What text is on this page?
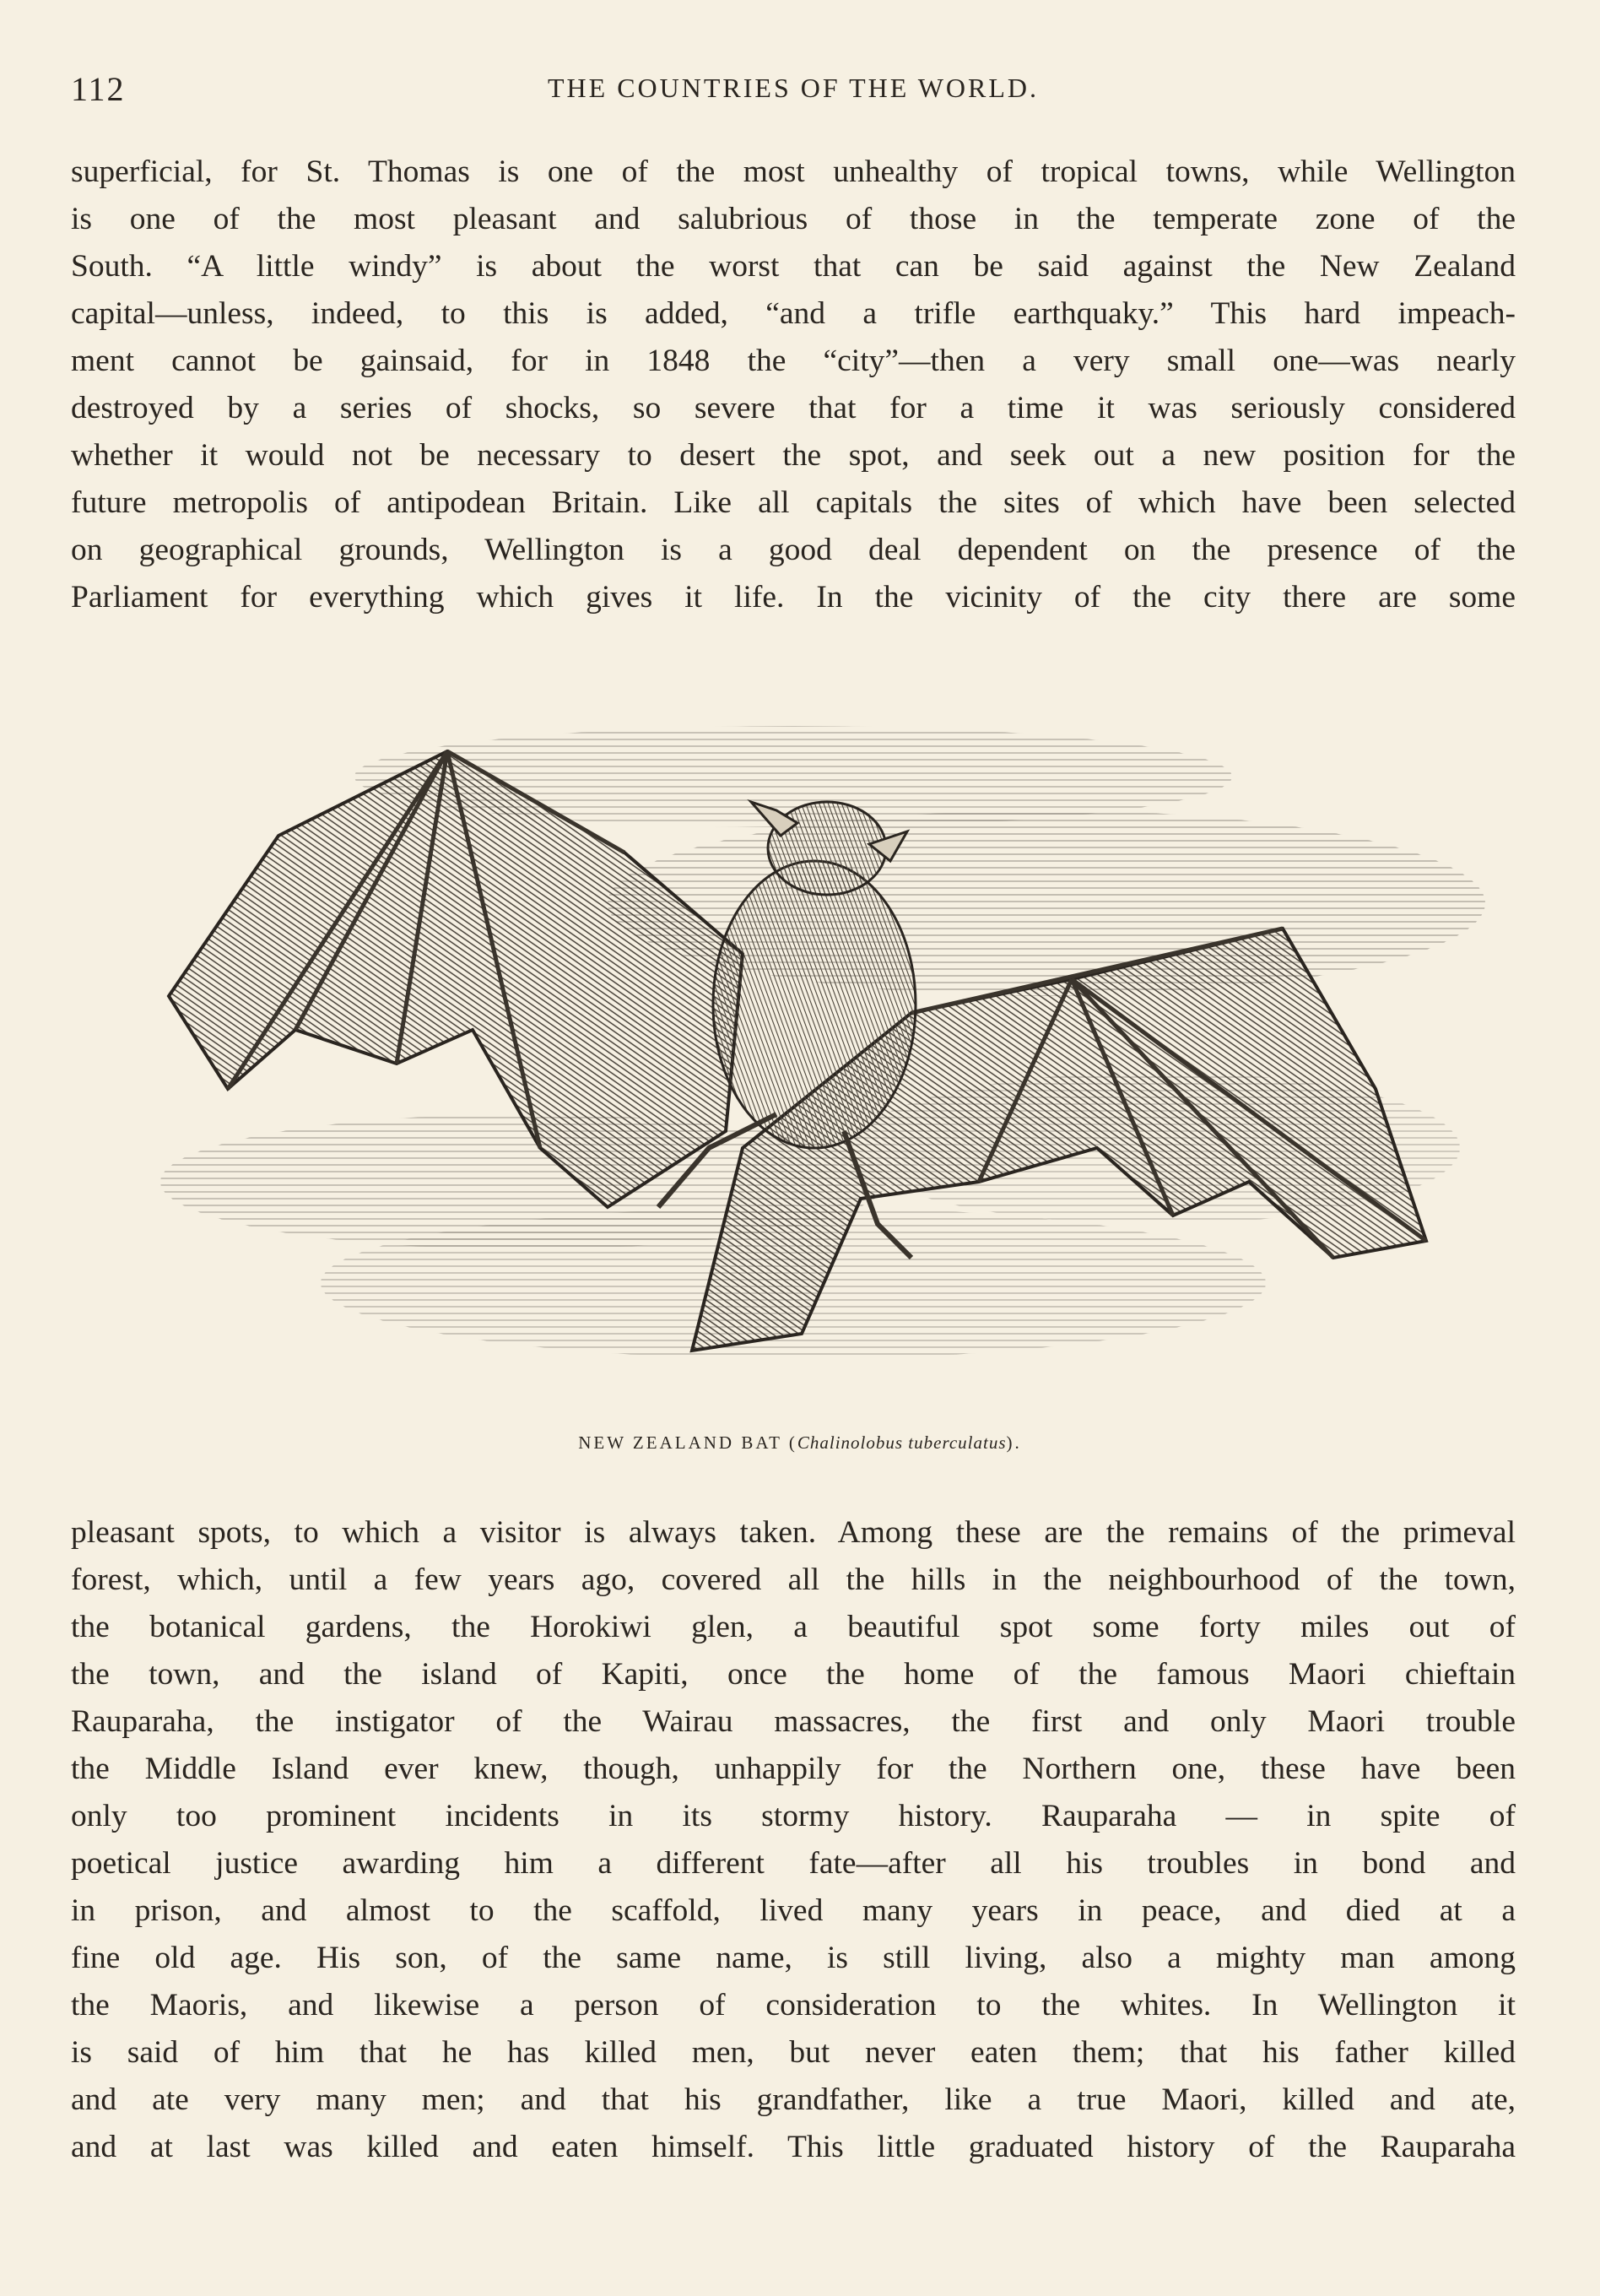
112	THE COUNTRIES OF THE WORLD.
superficial, for St. Thomas is one of the most unhealthy of tropical towns, while Wellington
is one of the most pleasant and salubrious of those in the temperate zone of the
South. “A little windy” is about the worst that can be said against the New Zealand
capital—unless, indeed, to this is added, “and a trifle earthquaky.” This hard impeach-
ment cannot be gainsaid, for in 1848 the “city”—then a very small one—was nearly
destroyed by a series of shocks, so severe that for a time it was seriously considered
whether it would not be necessary to desert the spot, and seek out a new position for the
future metropolis of antipodean Britain. Like all capitals the sites of which have been selected
on geographical grounds, Wellington is a good deal dependent on the presence of the
Parliament for everything which gives it life. In the vicinity of the city there are some
NEW ZEALAND BAT (Chalinolobus tuberculatus).
pleasant spots, to which a visitor is always taken. Among these are the remains of the primeval
forest, which, until a few years ago, covered all the hills in the neighbourhood of the town,
the botanical gardens, the Horokiwi glen, a beautiful spot some forty miles out of
the town, and the island of Kapiti, once the home of the famous Maori chieftain
Rauparaha, the instigator of the Wairau massacres, the first and only Maori trouble
the Middle Island ever knew, though, unhappily for the Northern one, these have been
only too prominent incidents in its stormy history. Rauparaha — in spite of
poetical justice awarding him a different fate—after all his troubles in bond and
in prison, and almost to the scaffold, lived many years in peace, and died at a
fine old age. His son, of the same name, is still living, also a mighty man among
the Maoris, and likewise a person of consideration to the whites. In Wellington it
is said of him that he has killed men, but never eaten them; that his father killed
and ate very many men; and that his grandfather, like a true Maori, killed and ate,
and at last was killed and eaten himself. This little graduated history of the Rauparaha
